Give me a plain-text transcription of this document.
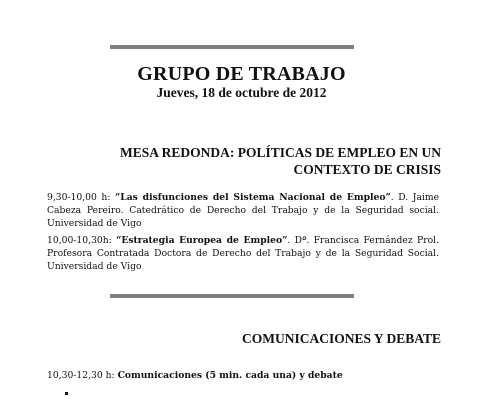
GRUPO DE TRABAJO
Jueves, 18 de octubre de 2012
MESA REDONDA: POLÍTICAS DE EMPLEO EN UN
CONTEXTO DE CRISIS
9,30-10,00 h: “Las disfunciones del Sistema Nacional de Empleo”. D. Jaime Cabeza Pereiro. Catedrático de Derecho del Trabajo y de la Seguridad social. Universidad de Vigo
10,00-10,30h: “Estrategia Europea de Empleo”. Dª. Francisca Fernández Prol. Profesora Contratada Doctora de Derecho del Trabajo y de la Seguridad Social. Universidad de Vigo
COMUNICACIONES Y DEBATE
10,30-12,30 h: Comunicaciones (5 min. cada una) y debate
